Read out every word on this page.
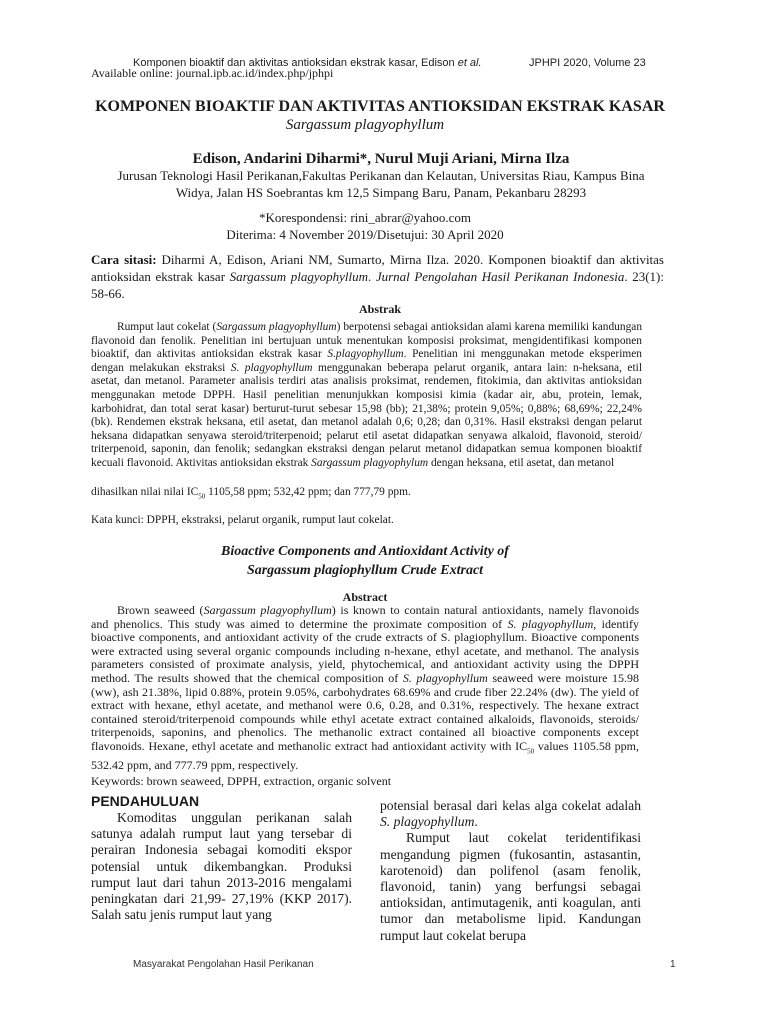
Komponen bioaktif dan aktivitas antioksidan ekstrak kasar, Edison et al.	JPHPI 2020, Volume 23
Available online: journal.ipb.ac.id/index.php/jphpi
KOMPONEN BIOAKTIF DAN AKTIVITAS ANTIOKSIDAN EKSTRAK KASAR
Sargassum plagyophyllum
Edison, Andarini Diharmi*, Nurul Muji Ariani, Mirna Ilza
Jurusan Teknologi Hasil Perikanan,Fakultas Perikanan dan Kelautan, Universitas Riau, Kampus Bina
Widya, Jalan HS Soebrantas km 12,5 Simpang Baru, Panam, Pekanbaru 28293
*Korespondensi: rini_abrar@yahoo.com
Diterima: 4 November 2019/Disetujui: 30 April 2020
Cara sitasi: Diharmi A, Edison, Ariani NM, Sumarto, Mirna Ilza. 2020. Komponen bioaktif dan aktivitas antioksidan ekstrak kasar Sargassum plagyophyllum. Jurnal Pengolahan Hasil Perikanan Indonesia. 23(1): 58-66.
Abstrak

Rumput laut cokelat (Sargassum plagyophyllum) berpotensi sebagai antioksidan alami karena memiliki kandungan flavonoid dan fenolik. Penelitian ini bertujuan untuk menentukan komposisi proksimat, mengidentifikasi komponen bioaktif, dan aktivitas antioksidan ekstrak kasar S.plagyophyllum. Penelitian ini menggunakan metode eksperimen dengan melakukan ekstraksi S. plagyophyllum menggunakan beberapa pelarut organik, antara lain: n-heksana, etil asetat, dan metanol. Parameter analisis terdiri atas analisis proksimat, rendemen, fitokimia, dan aktivitas antioksidan menggunakan metode DPPH. Hasil penelitian menunjukkan komposisi kimia (kadar air, abu, protein, lemak, karbohidrat, dan total serat kasar) berturut-turut sebesar 15,98 (bb); 21,38%; protein 9,05%; 0,88%; 68,69%; 22,24% (bk). Rendemen ekstrak heksana, etil asetat, dan metanol adalah 0,6; 0,28; dan 0,31%. Hasil ekstraksi dengan pelarut heksana didapatkan senyawa steroid/triterpenoid; pelarut etil asetat didapatkan senyawa alkaloid, flavonoid, steroid/ triterpenoid, saponin, dan fenolik; sedangkan ekstraksi dengan pelarut metanol didapatkan semua komponen bioaktif kecuali flavonoid. Aktivitas antioksidan ekstrak Sargassum plagyophylum dengan heksana, etil asetat, dan metanol

dihasilkan nilai nilai $IC_{50}$ 1105,58 ppm; 532,42 ppm; dan 777,79 ppm.
Kata kunci: DPPH, ekstraksi, pelarut organik, rumput laut cokelat.
Bioactive Components and Antioxidant Activity of
Sargassum plagiophyllum Crude Extract
Abstract

Brown seaweed (Sargassum plagyophyllum) is known to contain natural antioxidants, namely flavonoids and phenolics. This study was aimed to determine the proximate composition of S. plagyophyllum, identify bioactive components, and antioxidant activity of the crude extracts of S. plagiophyllum. Bioactive components were extracted using several organic compounds including n-hexane, ethyl acetate, and methanol. The analysis parameters consisted of proximate analysis, yield, phytochemical, and antioxidant activity using the DPPH method. The results showed that the chemical composition of S. plagyophyllum seaweed were moisture 15.98 (ww), ash 21.38%, lipid 0.88%, protein 9.05%, carbohydrates 68.69% and crude fiber 22.24% (dw). The yield of extract with hexane, ethyl acetate, and methanol were 0.6, 0.28, and 0.31%, respectively. The hexane extract contained steroid/triterpenoid compounds while ethyl acetate extract contained alkaloids, flavonoids, steroids/ triterpenoids, saponins, and phenolics. The methanolic extract contained all bioactive components except flavonoids. Hexane, ethyl acetate and methanolic extract had antioxidant activity with $IC_{50}$ values 1105.58 ppm, 532.42 ppm, and 777.79 ppm, respectively.

Keywords: brown seaweed, DPPH, extraction, organic solvent
PENDAHULUAN

Komoditas unggulan perikanan salah satunya adalah rumput laut yang tersebar di perairan Indonesia sebagai komoditi ekspor potensial untuk dikembangkan. Produksi rumput laut dari tahun 2013-2016 mengalami peningkatan dari 21,99- 27,19% (KKP 2017). Salah satu jenis rumput laut yang

potensial berasal dari kelas alga cokelat adalah S. plagyophyllum.

Rumput laut cokelat teridentifikasi mengandung pigmen (fukosantin, astasantin, karotenoid) dan polifenol (asam fenolik, flavonoid, tanin) yang berfungsi sebagai antioksidan, antimutagenik, anti koagulan, anti tumor dan metabolisme lipid. Kandungan rumput laut cokelat berupa

Masyarakat Pengolahan Hasil Perikanan	1
